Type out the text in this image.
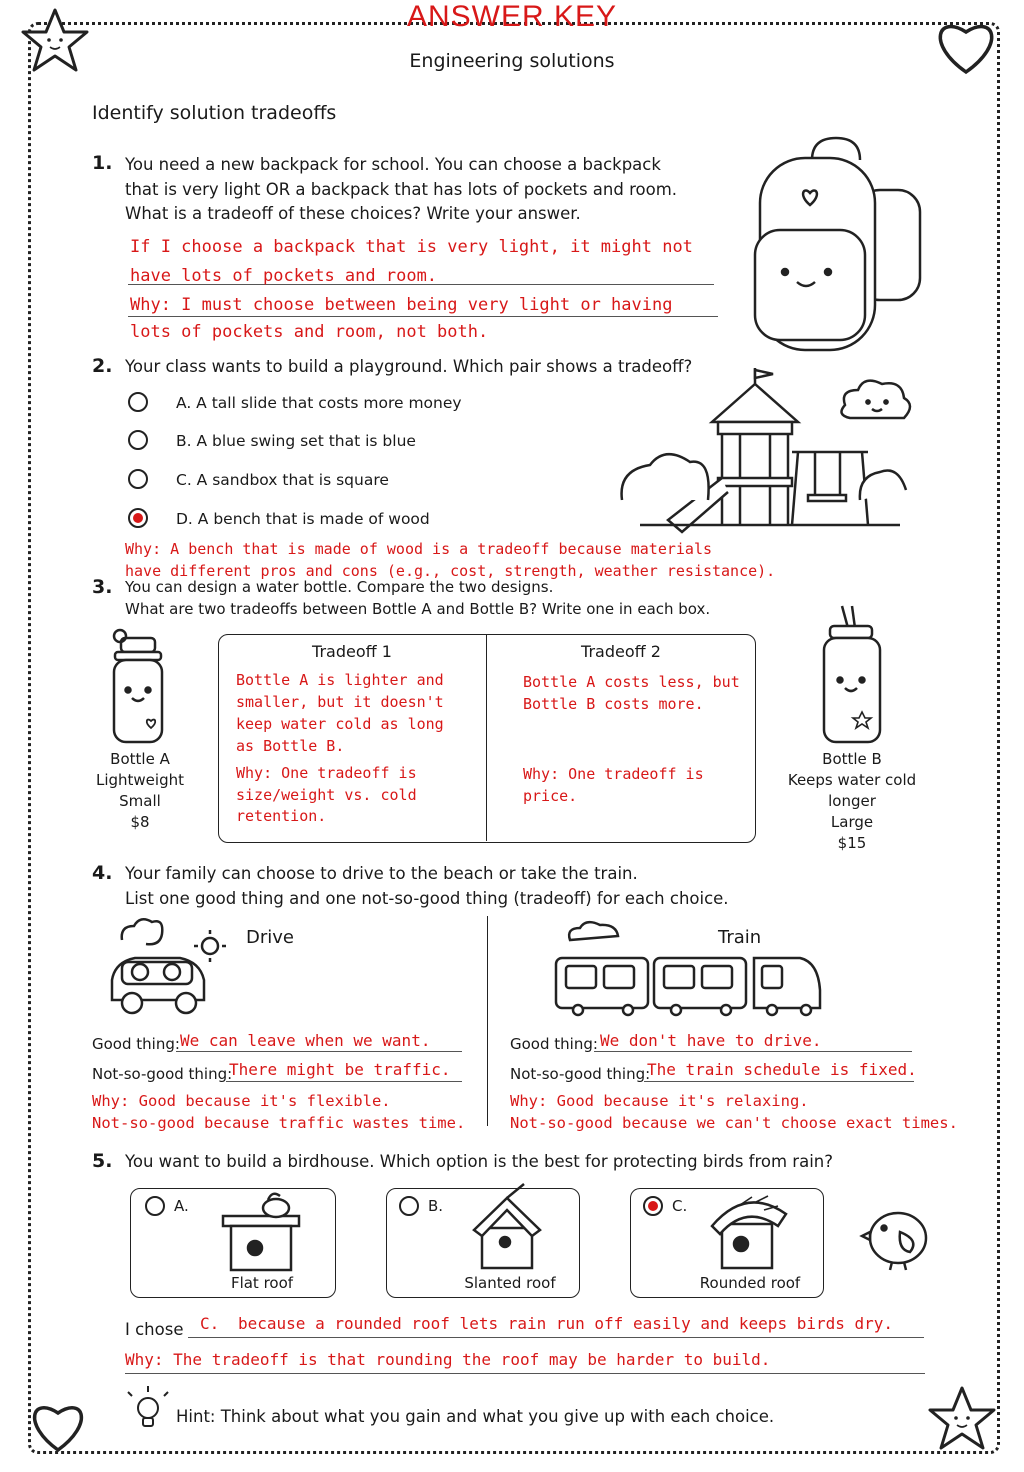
ANSWER KEY
Engineering solutions
Identify solution tradeoffs
1. You need a new backpack for school. You can choose a backpack
that is very light OR a backpack that has lots of pockets and room.
What is a tradeoff of these choices? Write your answer.
If I choose a backpack that is very light, it might not
have lots of pockets and room.
Why: I must choose between being very light or having
lots of pockets and room, not both.
2. Your class wants to build a playground. Which pair shows a tradeoff?
A. A tall slide that costs more money
B. A blue swing set that is blue
C. A sandbox that is square
D. A bench that is made of wood
Why: A bench that is made of wood is a tradeoff because materials
have different pros and cons (e.g., cost, strength, weather resistance).
3. You can design a water bottle. Compare the two designs.
What are two tradeoffs between Bottle A and Bottle B? Write one in each box.
Bottle A
Lightweight
Small
$8
Bottle B
Keeps water cold longer
Large
$15
Tradeoff 1	Tradeoff 2
Bottle A is lighter and
smaller, but it doesn't
keep water cold as long
as Bottle B.
Why: One tradeoff is
size/weight vs. cold
retention.
Bottle A costs less, but
Bottle B costs more.
Why: One tradeoff is
price.
4. Your family can choose to drive to the beach or take the train.
List one good thing and one not-so-good thing (tradeoff) for each choice.
Drive	Train
Good thing: We can leave when we want.
Not-so-good thing:
There might be traffic.
Why: Good because it's flexible.
Not-so-good because traffic wastes time.
Good thing: We don't have to drive.
Not-so-good thing:
The train schedule is fixed.
Why: Good because it's relaxing.
Not-so-good because we can't choose exact times.
5. You want to build a birdhouse. Which option is the best for protecting birds from rain?
A.
Flat roof
B.
Slanted roof
C.
Rounded roof
I chose C. because a rounded roof lets rain run off easily and keeps birds dry.
Why: The tradeoff is that rounding the roof may be harder to build.
Hint: Think about what you gain and what you give up with each choice.
